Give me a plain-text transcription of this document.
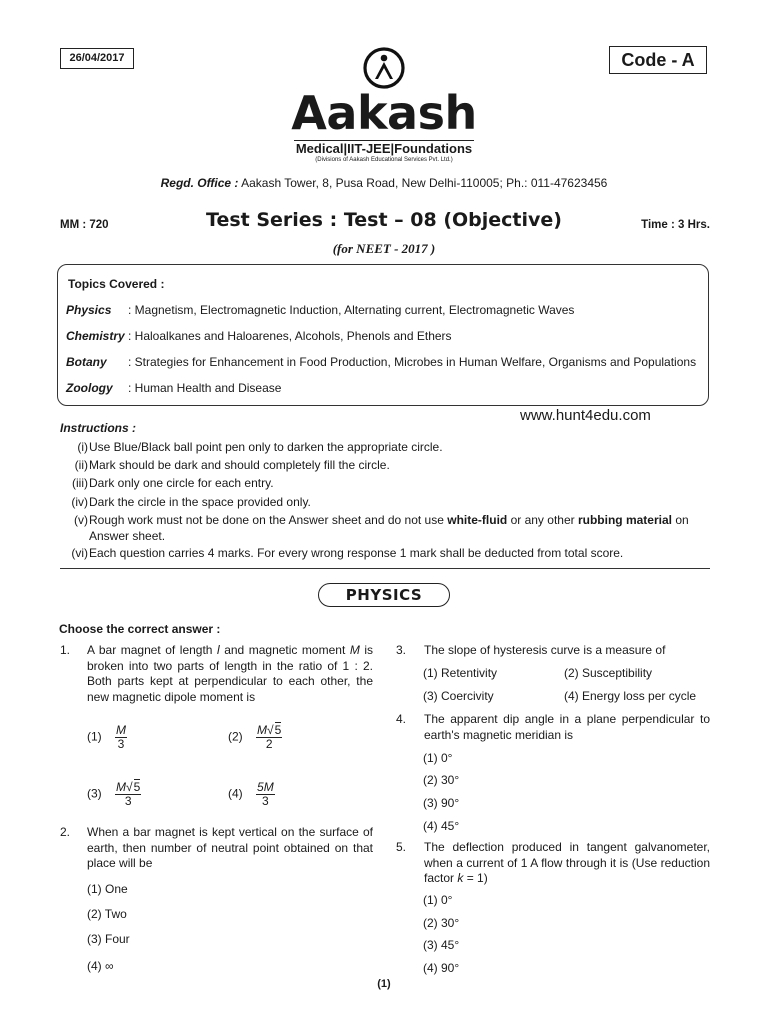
26/04/2017	Code - A
Aakash
Medical|IIT-JEE|Foundations
(Divisions of Aakash Educational Services Pvt. Ltd.)
Regd. Office : Aakash Tower, 8, Pusa Road, New Delhi-110005; Ph.: 011-47623456
MM : 720	Test Series : Test – 08 (Objective)	Time : 3 Hrs.
(for NEET - 2017 )
Topics Covered :
Physics	: Magnetism, Electromagnetic Induction, Alternating current, Electromagnetic Waves
Chemistry : Haloalkanes and Haloarenes, Alcohols, Phenols and Ethers
Botany	: Strategies for Enhancement in Food Production, Microbes in Human Welfare, Organisms and Populations
Zoology	: Human Health and Disease
www.hunt4edu.com
Instructions :
(i) Use Blue/Black ball point pen only to darken the appropriate circle.
(ii) Mark should be dark and should completely fill the circle.
(iii) Dark only one circle for each entry.
(iv) Dark the circle in the space provided only.
(v) Rough work must not be done on the Answer sheet and do not use white-fluid or any other rubbing material on Answer sheet.
(vi) Each question carries 4 marks. For every wrong response 1 mark shall be deducted from total score.
PHYSICS
Choose the correct answer :
1.	A bar magnet of length l and magnetic moment M is broken into two parts of length in the ratio of 1 : 2. Both parts kept at perpendicular to each other, the new magnetic dipole moment is
$(1) \frac{M}{3}$	$(2) \frac{M√5}{2}$
$(3) \frac{M√5}{3}$	$(4) \frac{5M}{3}$
2.	When a bar magnet is kept vertical on the surface of earth, then number of neutral point obtained on that place will be
(1) One
(2) Two
(3) Four
(4) ∞
3.	The slope of hysteresis curve is a measure of
(1) Retentivity	(2) Susceptibility
(3) Coercivity	(4) Energy loss per cycle
4.	The apparent dip angle in a plane perpendicular to earth's magnetic meridian is
(1) 0°
(2) 30°
(3) 90°
(4) 45°
5.	The deflection produced in tangent galvanometer, when a current of 1 A flow through it is (Use reduction factor k = 1)
(1) 0°
(2) 30°
(3) 45°
(4) 90°
(1)
